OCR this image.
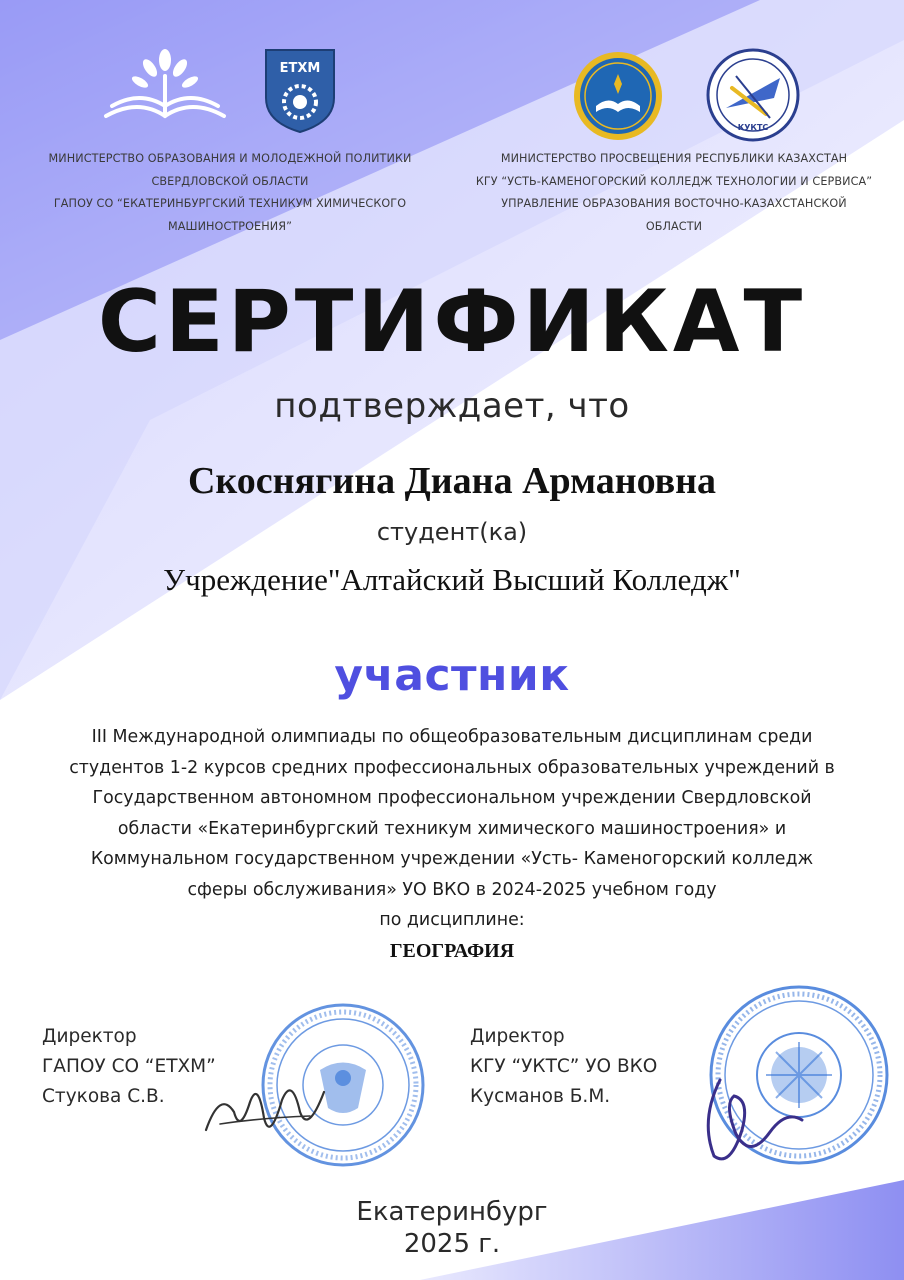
ЕТХМ
КУКТС
МИНИСТЕРСТВО ОБРАЗОВАНИЯ И МОЛОДЕЖНОЙ ПОЛИТИКИ
СВЕРДЛОВСКОЙ ОБЛАСТИ
ГАПОУ СО “ЕКАТЕРИНБУРГСКИЙ ТЕХНИКУМ ХИМИЧЕСКОГО
МАШИНОСТРОЕНИЯ”
МИНИСТЕРСТВО ПРОСВЕЩЕНИЯ РЕСПУБЛИКИ КАЗАХСТАН
КГУ “УСТЬ-КАМЕНОГОРСКИЙ КОЛЛЕДЖ ТЕХНОЛОГИИ И СЕРВИСА”
УПРАВЛЕНИЕ ОБРАЗОВАНИЯ ВОСТОЧНО-КАЗАХСТАНСКОЙ
ОБЛАСТИ
СЕРТИФИКАТ
подтверждает, что
Скоснягина Диана Армановна
студент(ка)
Учреждение"Алтайский Высший Колледж"
участник
III Международной олимпиады по общеобразовательным дисциплинам среди
студентов 1-2 курсов средних профессиональных образовательных учреждений в
Государственном автономном профессиональном учреждении Свердловской
области «Екатеринбургский техникум химического машиностроения» и
Коммунальном государственном учреждении «Усть- Каменогорский колледж
сферы обслуживания» УО ВКО в 2024-2025 учебном году
по дисциплине:
ГЕОГРАФИЯ
Директор
ГАПОУ СО “ЕТХМ”
Стукова С.В.
Директор
КГУ “УКТС” УО ВКО
Кусманов Б.М.
Екатеринбург
2025 г.
